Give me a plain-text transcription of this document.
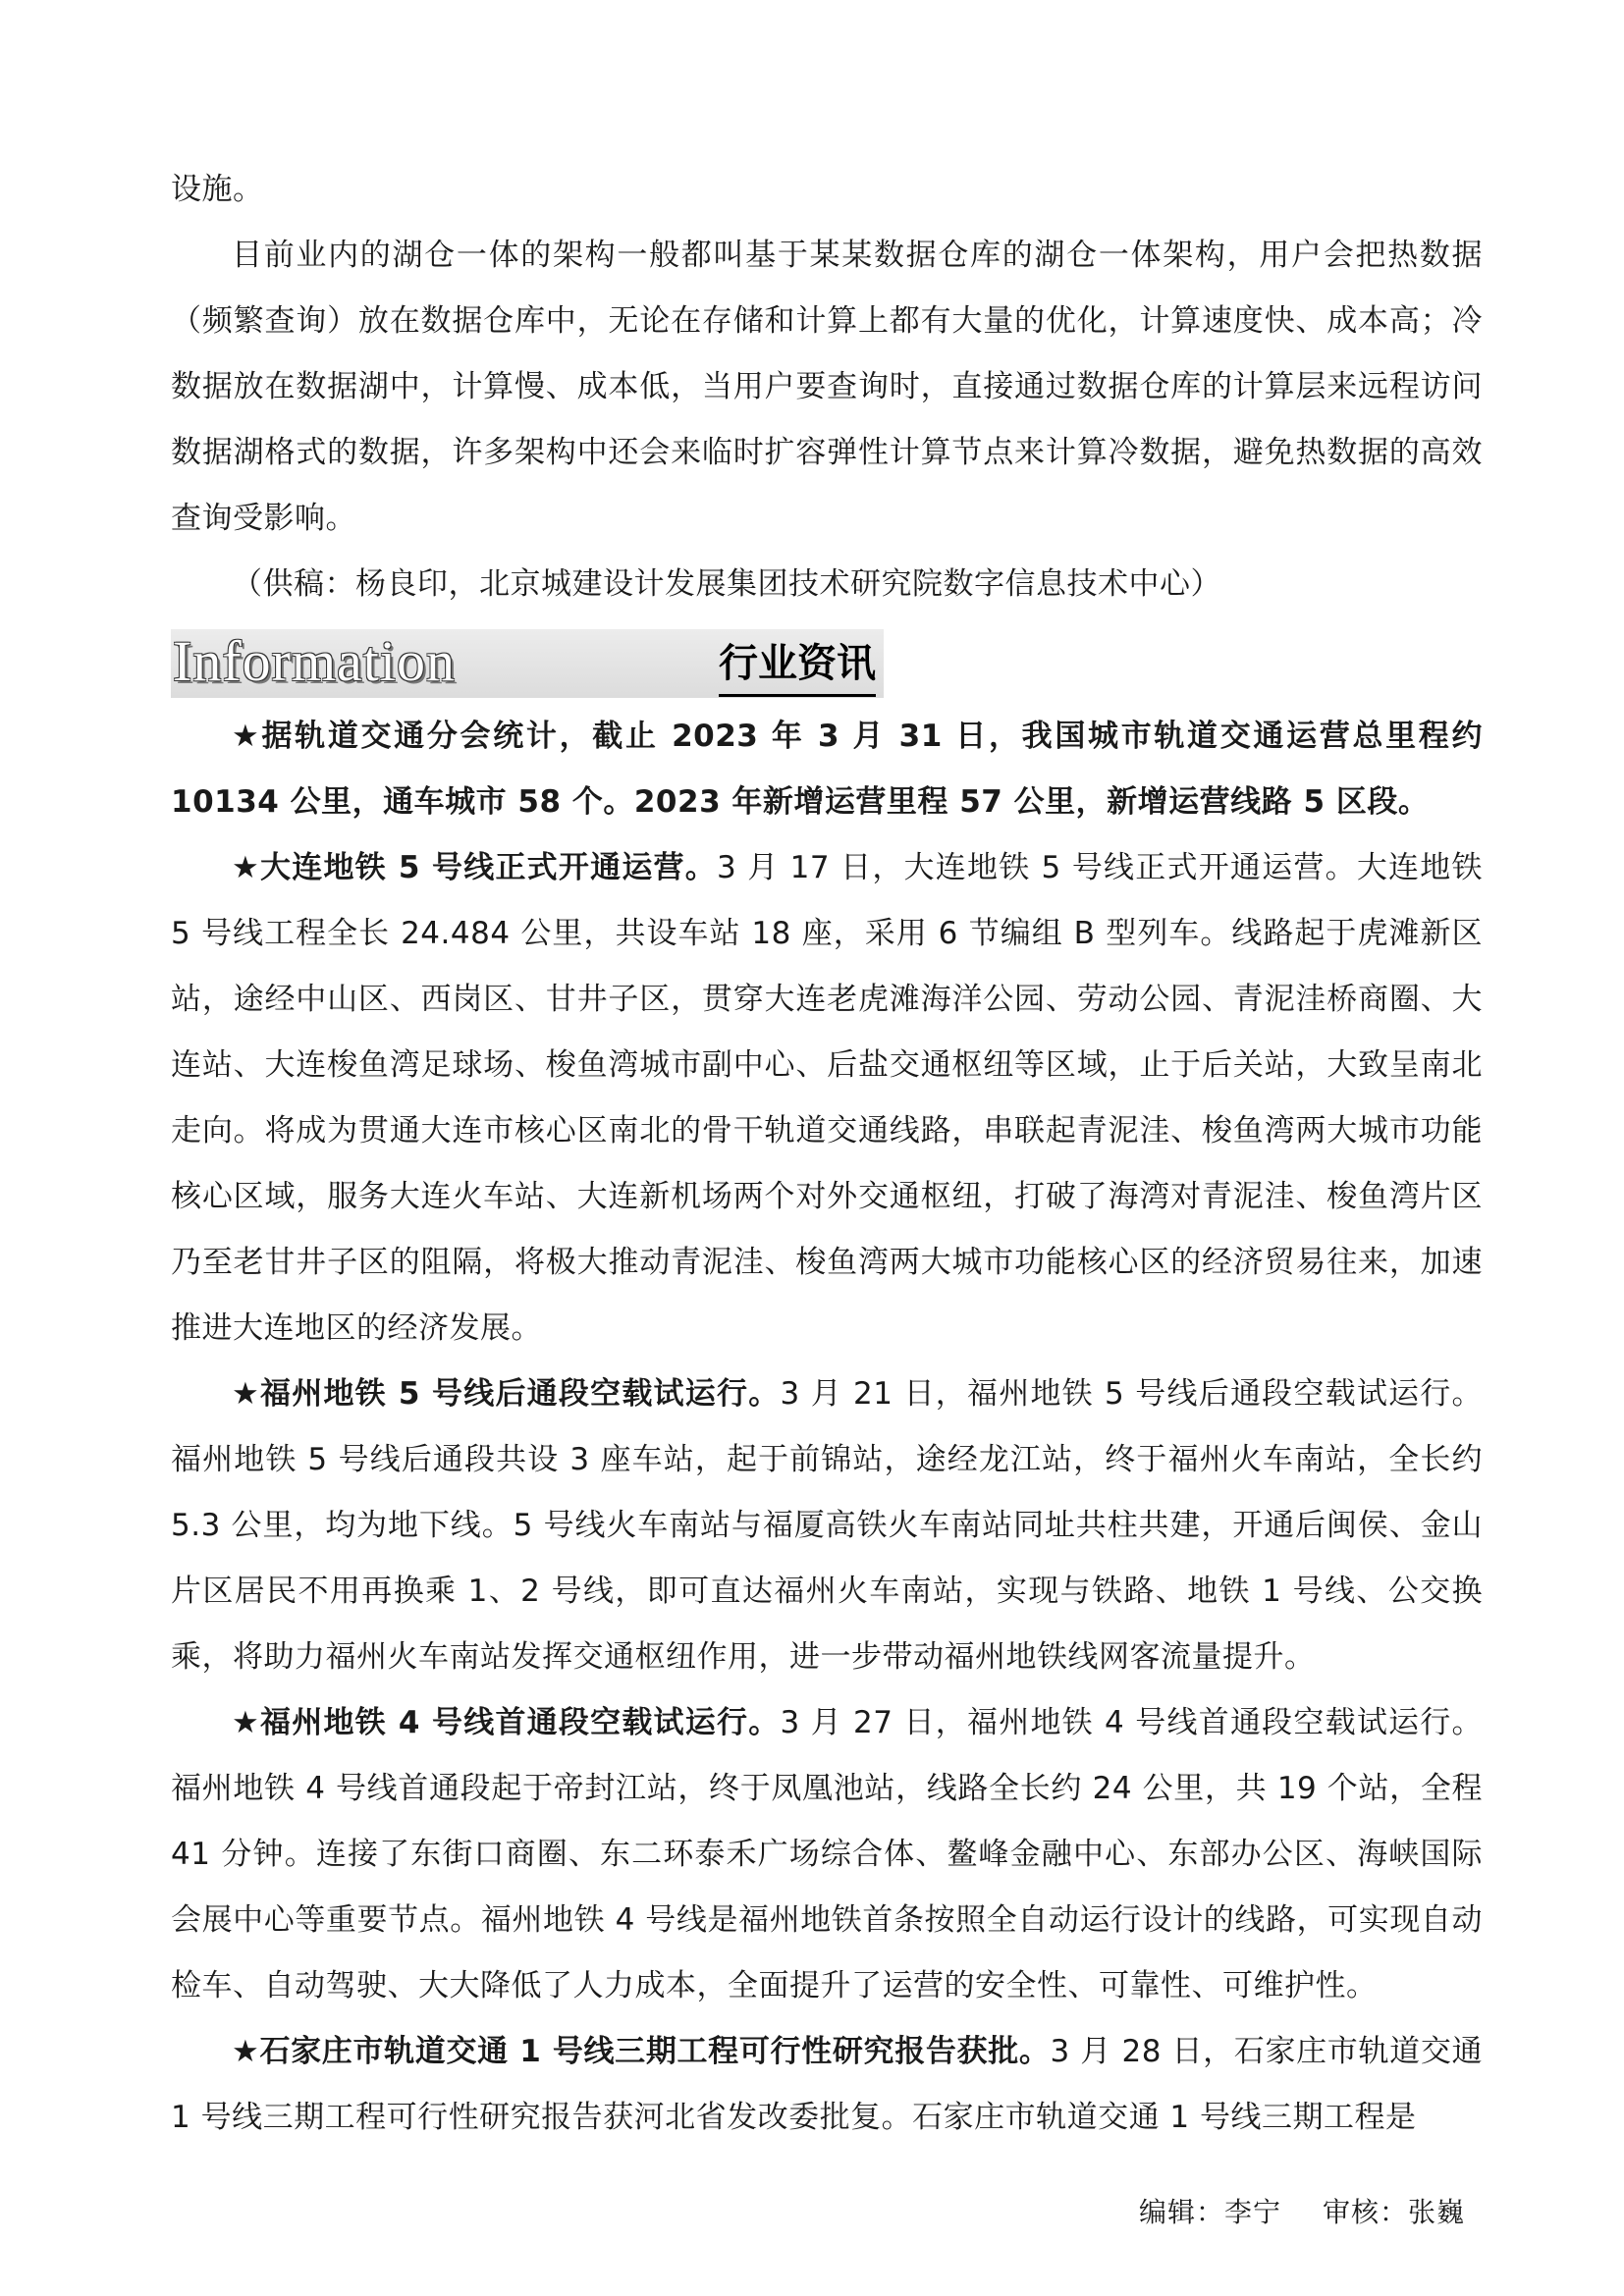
设施。

目前业内的湖仓一体的架构一般都叫基于某某数据仓库的湖仓一体架构，用户会把热数据（频繁查询）放在数据仓库中，无论在存储和计算上都有大量的优化，计算速度快、成本高；冷数据放在数据湖中，计算慢、成本低，当用户要查询时，直接通过数据仓库的计算层来远程访问数据湖格式的数据，许多架构中还会来临时扩容弹性计算节点来计算冷数据，避免热数据的高效查询受影响。

（供稿：杨良印，北京城建设计发展集团技术研究院数字信息技术中心）

Information	行业资讯

★据轨道交通分会统计，截止 2023 年 3 月 31 日，我国城市轨道交通运营总里程约 10134 公里，通车城市 58 个。2023 年新增运营里程 57 公里，新增运营线路 5 区段。

★大连地铁 5 号线正式开通运营。3 月 17 日，大连地铁 5 号线正式开通运营。大连地铁 5 号线工程全长 24.484 公里，共设车站 18 座，采用 6 节编组 B 型列车。线路起于虎滩新区站，途经中山区、西岗区、甘井子区，贯穿大连老虎滩海洋公园、劳动公园、青泥洼桥商圈、大连站、大连梭鱼湾足球场、梭鱼湾城市副中心、后盐交通枢纽等区域，止于后关站，大致呈南北走向。将成为贯通大连市核心区南北的骨干轨道交通线路，串联起青泥洼、梭鱼湾两大城市功能核心区域，服务大连火车站、大连新机场两个对外交通枢纽，打破了海湾对青泥洼、梭鱼湾片区乃至老甘井子区的阻隔，将极大推动青泥洼、梭鱼湾两大城市功能核心区的经济贸易往来，加速推进大连地区的经济发展。

★福州地铁 5 号线后通段空载试运行。3 月 21 日，福州地铁 5 号线后通段空载试运行。福州地铁 5 号线后通段共设 3 座车站，起于前锦站，途经龙江站，终于福州火车南站，全长约 5.3 公里，均为地下线。5 号线火车南站与福厦高铁火车南站同址共柱共建，开通后闽侯、金山片区居民不用再换乘 1、2 号线，即可直达福州火车南站，实现与铁路、地铁 1 号线、公交换乘，将助力福州火车南站发挥交通枢纽作用，进一步带动福州地铁线网客流量提升。

★福州地铁 4 号线首通段空载试运行。3 月 27 日，福州地铁 4 号线首通段空载试运行。福州地铁 4 号线首通段起于帝封江站，终于凤凰池站，线路全长约 24 公里，共 19 个站，全程 41 分钟。连接了东街口商圈、东二环泰禾广场综合体、鳌峰金融中心、东部办公区、海峡国际会展中心等重要节点。福州地铁 4 号线是福州地铁首条按照全自动运行设计的线路，可实现自动检车、自动驾驶、大大降低了人力成本，全面提升了运营的安全性、可靠性、可维护性。

★石家庄市轨道交通 1 号线三期工程可行性研究报告获批。3 月 28 日，石家庄市轨道交通 1 号线三期工程可行性研究报告获河北省发改委批复。石家庄市轨道交通 1 号线三期工程是

编辑：李宁 审核：张巍
